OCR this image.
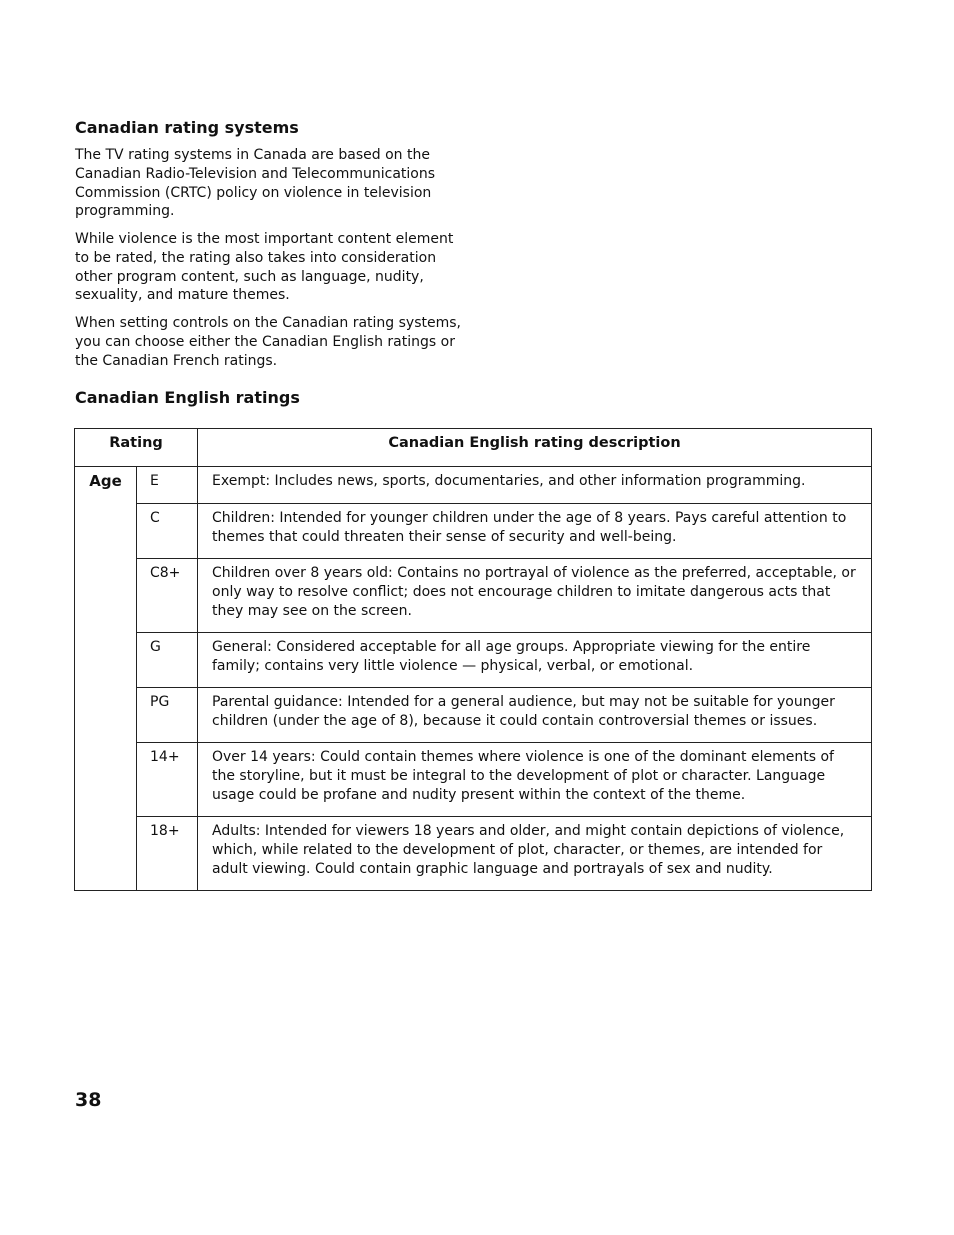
Canadian rating systems

The TV rating systems in Canada are based on the Canadian Radio-Television and Telecommunications Commission (CRTC) policy on violence in television programming.

While violence is the most important content element to be rated, the rating also takes into consideration other program content, such as language, nudity, sexuality, and mature themes.

When setting controls on the Canadian rating systems, you can choose either the Canadian English ratings or the Canadian French ratings.

Canadian English ratings
Rating		Canadian English rating description
Age	E	Exempt: Includes news, sports, documentaries, and other information programming.
	C	Children: Intended for younger children under the age of 8 years. Pays careful attention to themes that could threaten their sense of security and well-being.
	C8+	Children over 8 years old: Contains no portrayal of violence as the preferred, acceptable, or only way to resolve conflict; does not encourage children to imitate dangerous acts that they may see on the screen.
	G	General: Considered acceptable for all age groups. Appropriate viewing for the entire family; contains very little violence — physical, verbal, or emotional.
	PG	Parental guidance: Intended for a general audience, but may not be suitable for younger children (under the age of 8), because it could contain controversial themes or issues.
	14+	Over 14 years: Could contain themes where violence is one of the dominant elements of the storyline, but it must be integral to the development of plot or character. Language usage could be profane and nudity present within the context of the theme.
	18+	Adults: Intended for viewers 18 years and older, and might contain depictions of violence, which, while related to the development of plot, character, or themes, are intended for adult viewing. Could contain graphic language and portrayals of sex and nudity.

38
